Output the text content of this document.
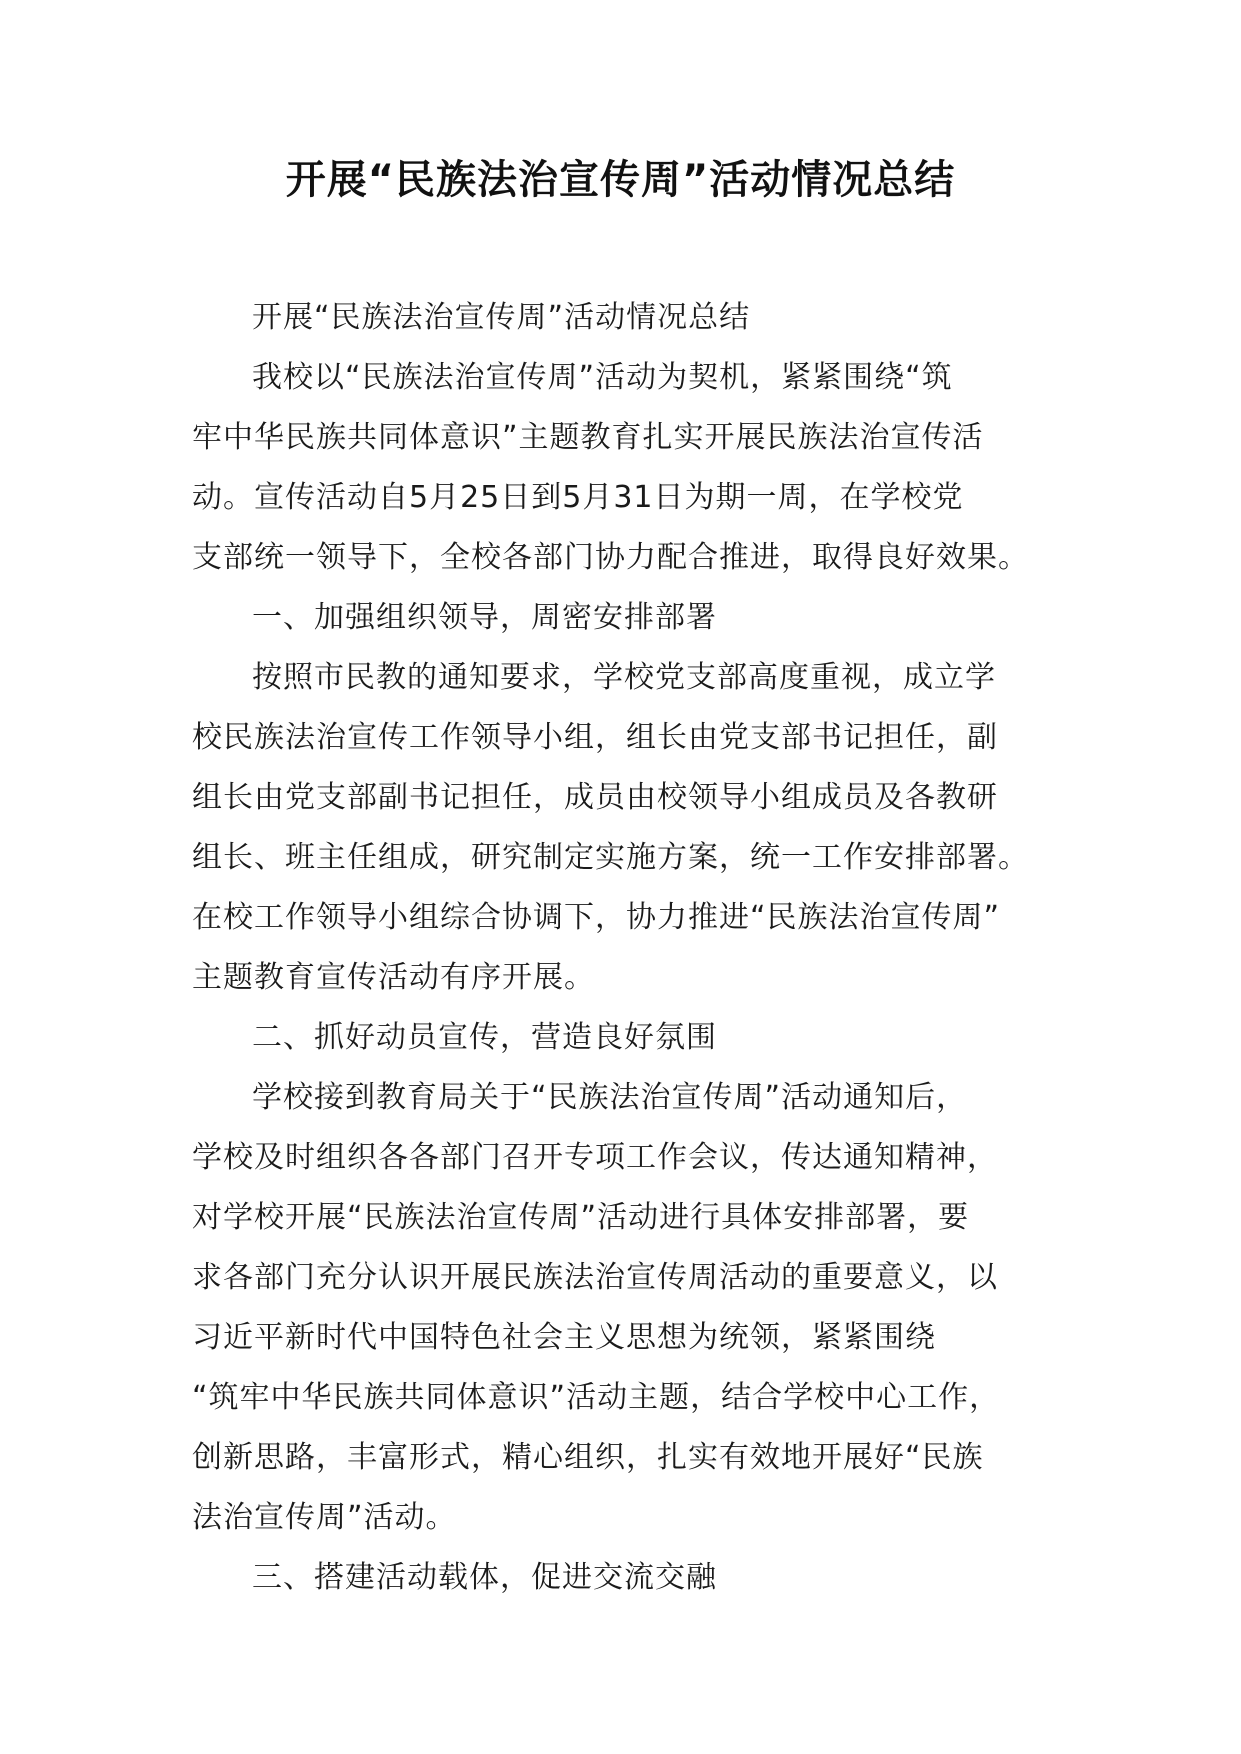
开展“民族法治宣传周”活动情况总结
开展“民族法治宣传周”活动情况总结
我校以“民族法治宣传周”活动为契机，紧紧围绕“筑
牢中华民族共同体意识”主题教育扎实开展民族法治宣传活
动。宣传活动自5月25日到5月31日为期一周，在学校党
支部统一领导下，全校各部门协力配合推进，取得良好效果。
一、加强组织领导，周密安排部署
按照市民教的通知要求，学校党支部高度重视，成立学
校民族法治宣传工作领导小组，组长由党支部书记担任，副
组长由党支部副书记担任，成员由校领导小组成员及各教研
组长、班主任组成，研究制定实施方案，统一工作安排部署。
在校工作领导小组综合协调下，协力推进“民族法治宣传周”
主题教育宣传活动有序开展。
二、抓好动员宣传，营造良好氛围
学校接到教育局关于“民族法治宣传周”活动通知后，
学校及时组织各各部门召开专项工作会议，传达通知精神，
对学校开展“民族法治宣传周”活动进行具体安排部署，要
求各部门充分认识开展民族法治宣传周活动的重要意义，以
习近平新时代中国特色社会主义思想为统领，紧紧围绕
“筑牢中华民族共同体意识”活动主题，结合学校中心工作，
创新思路，丰富形式，精心组织，扎实有效地开展好“民族
法治宣传周”活动。
三、搭建活动载体，促进交流交融
